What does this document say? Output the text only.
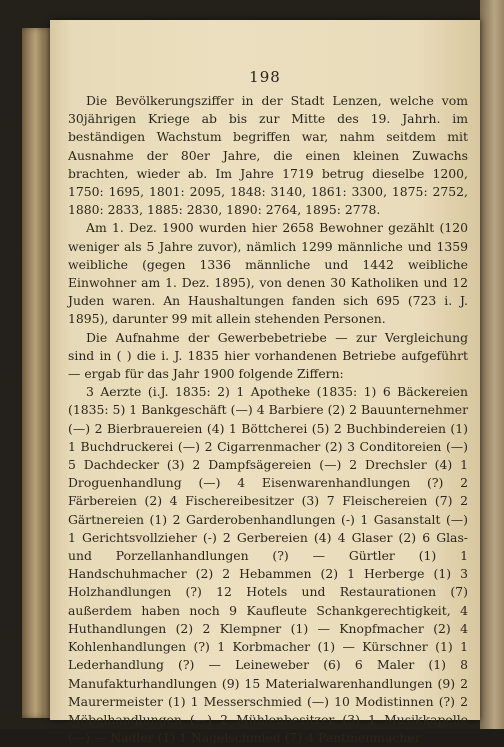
198

Die Bevölkerungsziffer in der Stadt Lenzen, welche vom 30jährigen Kriege ab bis zur Mitte des 19. Jahrh. im beständigen Wachstum begriffen war, nahm seitdem mit Ausnahme der 80er Jahre, die einen kleinen Zuwachs brachten, wieder ab. Im Jahre 1719 betrug dieselbe 1200, 1750: 1695, 1801: 2095, 1848: 3140, 1861: 3300, 1875: 2752, 1880: 2833, 1885: 2830, 1890: 2764, 1895: 2778.

Am 1. Dez. 1900 wurden hier 2658 Bewohner gezählt (120 weniger als 5 Jahre zuvor), nämlich 1299 männliche und 1359 weibliche (gegen 1336 männliche und 1442 weibliche Einwohner am 1. Dez. 1895), von denen 30 Katholiken und 12 Juden waren. An Haushaltungen fanden sich 695 (723 i. J. 1895), darunter 99 mit allein stehenden Personen.

Die Aufnahme der Gewerbebetriebe — zur Vergleichung sind in ( ) die i. J. 1835 hier vorhandenen Betriebe aufgeführt — ergab für das Jahr 1900 folgende Ziffern:

3 Aerzte (i.J. 1835: 2) 1 Apotheke (1835: 1) 6 Bäckereien (1835: 5) 1 Bankgeschäft (—) 4 Barbiere (2) 2 Bauunternehmer (—) 2 Bierbrauereien (4) 1 Böttcherei (5) 2 Buchbindereien (1) 1 Buchdruckerei (—) 2 Cigarrenmacher (2) 3 Conditoreien (—) 5 Dachdecker (3) 2 Dampfsägereien (—) 2 Drechsler (4) 1 Droguenhandlung (—) 4 Eisenwarenhandlungen (?) 2 Färbereien (2) 4 Fischereibesitzer (3) 7 Fleischereien (7) 2 Gärtnereien (1) 2 Garderobenhandlungen (-) 1 Gasanstalt (—) 1 Gerichtsvollzieher (-) 2 Gerbereien (4) 4 Glaser (2) 6 Glas- und Porzellanhandlungen (?) — Gürtler (1) 1 Handschuhmacher (2) 2 Hebammen (2) 1 Herberge (1) 3 Holzhandlungen (?) 12 Hotels und Restaurationen (7) außerdem haben noch 9 Kaufleute Schankgerechtigkeit, 4 Huthandlungen (2) 2 Klempner (1) — Knopfmacher (2) 4 Kohlenhandlungen (?) 1 Korbmacher (1) — Kürschner (1) 1 Lederhandlung (?) — Leineweber (6) 6 Maler (1) 8 Manufakturhandlungen (9) 15 Materialwarenhandlungen (9) 2 Maurermeister (1) 1 Messerschmied (—) 10 Modistinnen (?) 2 Möbelhandlungen (—) 2 Mühlenbesitzer (3) 1 Musikkapelle (—) — Nadler (1) 1 Nagelschmied (7) 4 Pantinenmacher
